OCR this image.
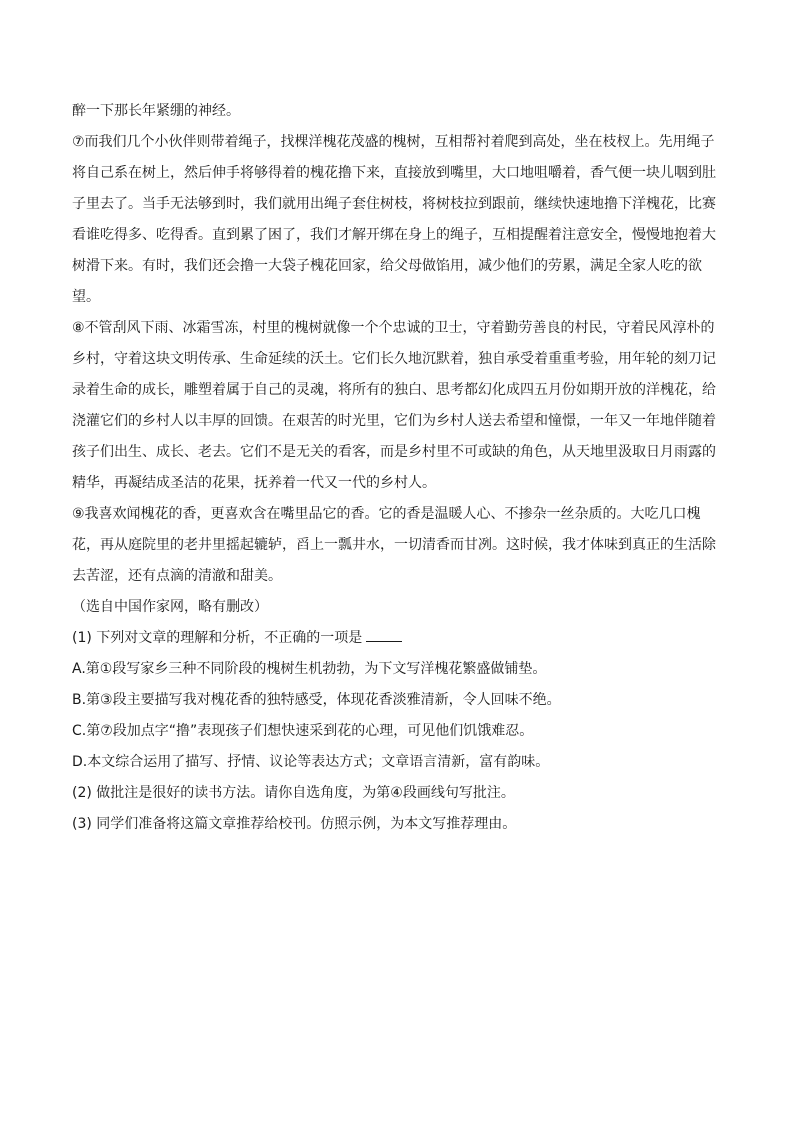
醉一下那长年紧绷的神经。

⑦而我们几个小伙伴则带着绳子，找棵洋槐花茂盛的槐树，互相帮衬着爬到高处，坐在枝杈上。先用绳子

将自己系在树上，然后伸手将够得着的槐花撸下来，直接放到嘴里，大口地咀嚼着，香气便一块儿咽到肚

子里去了。当手无法够到时，我们就用出绳子套住树枝，将树枝拉到跟前，继续快速地撸下洋槐花，比赛

看谁吃得多、吃得香。直到累了困了，我们才解开绑在身上的绳子，互相提醒着注意安全，慢慢地抱着大

树滑下来。有时，我们还会撸一大袋子槐花回家，给父母做馅用，减少他们的劳累，满足全家人吃的欲

望。

⑧不管刮风下雨、冰霜雪冻，村里的槐树就像一个个忠诚的卫士，守着勤劳善良的村民，守着民风淳朴的

乡村，守着这块文明传承、生命延续的沃土。它们长久地沉默着，独自承受着重重考验，用年轮的刻刀记

录着生命的成长，雕塑着属于自己的灵魂，将所有的独白、思考都幻化成四五月份如期开放的洋槐花，给

浇灌它们的乡村人以丰厚的回馈。在艰苦的时光里，它们为乡村人送去希望和憧憬，一年又一年地伴随着

孩子们出生、成长、老去。它们不是无关的看客，而是乡村里不可或缺的角色，从天地里汲取日月雨露的

精华，再凝结成圣洁的花果，抚养着一代又一代的乡村人。

⑨我喜欢闻槐花的香，更喜欢含在嘴里品它的香。它的香是温暖人心、不掺杂一丝杂质的。大吃几口槐

花，再从庭院里的老井里摇起辘轳，舀上一瓢井水，一切清香而甘冽。这时候，我才体味到真正的生活除

去苦涩，还有点滴的清澈和甜美。

（选自中国作家网，略有删改）

(1) 下列对文章的理解和分析，不正确的一项是

A.第①段写家乡三种不同阶段的槐树生机勃勃，为下文写洋槐花繁盛做铺垫。

B.第③段主要描写我对槐花香的独特感受，体现花香淡雅清新，令人回味不绝。

C.第⑦段加点字“撸”表现孩子们想快速采到花的心理，可见他们饥饿难忍。

D.本文综合运用了描写、抒情、议论等表达方式；文章语言清新，富有韵味。

(2) 做批注是很好的读书方法。请你自选角度，为第④段画线句写批注。

(3) 同学们准备将这篇文章推荐给校刊。仿照示例，为本文写推荐理由。
